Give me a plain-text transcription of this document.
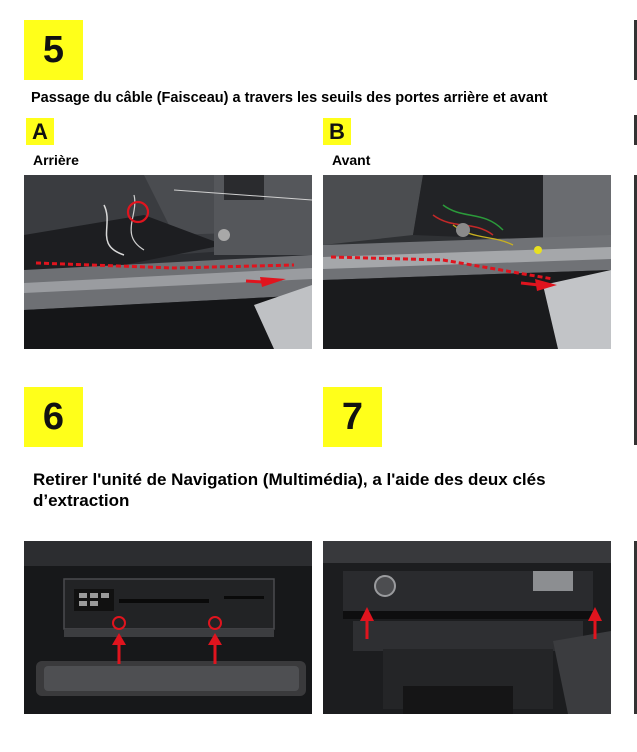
5
Passage du câble (Faisceau) a travers les seuils des portes arrière et avant
A
Arrière
B
Avant
6	7
Retirer l'unité de Navigation (Multimédia), a l'aide des deux clés d’extraction
